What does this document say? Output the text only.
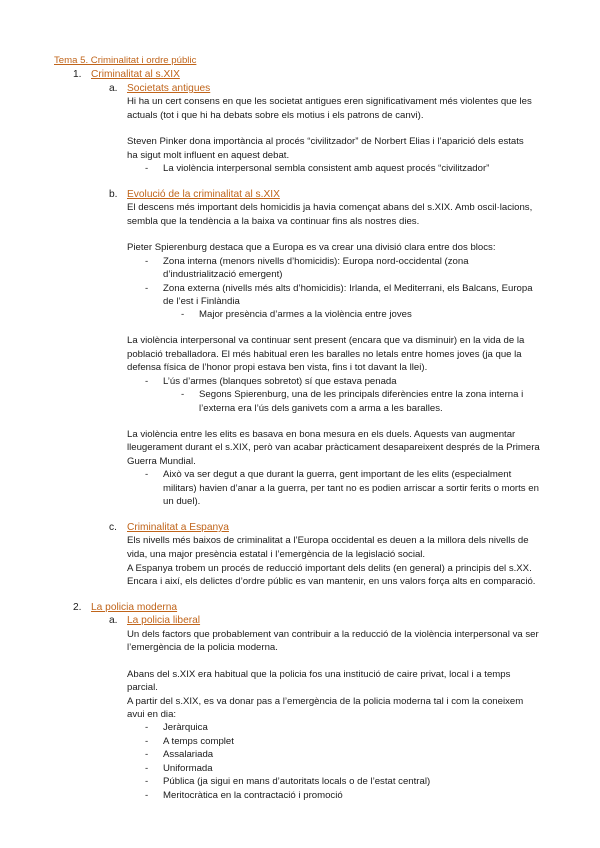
Tema 5. Criminalitat i ordre públic
1. Criminalitat al s.XIX
a. Societats antigues
Hi ha un cert consens en que les societat antigues eren significativament més violentes que les
actuals (tot i que hi ha debats sobre els motius i els patrons de canvi).
Steven Pinker dona importància al procés “civilitzador” de Norbert Elias i l’aparició dels estats
ha sigut molt influent en aquest debat.
- La violència interpersonal sembla consistent amb aquest procés “civilitzador”
b. Evolució de la criminalitat al s.XIX
El descens més important dels homicidis ja havia començat abans del s.XIX. Amb oscil·lacions,
sembla que la tendència a la baixa va continuar fins als nostres dies.
Pieter Spierenburg destaca que a Europa es va crear una divisió clara entre dos blocs:
- Zona interna (menors nivells d’homicidis): Europa nord-occidental (zona
d’industrialització emergent)
- Zona externa (nivells més alts d’homicidis): Irlanda, el Mediterrani, els Balcans, Europa
de l’est i Finlàndia
- Major presència d’armes a la violència entre joves
La violència interpersonal va continuar sent present (encara que va disminuir) en la vida de la
població treballadora. El més habitual eren les baralles no letals entre homes joves (ja que la
defensa física de l’honor propi estava ben vista, fins i tot davant la llei).
- L’ús d’armes (blanques sobretot) sí que estava penada
- Segons Spierenburg, una de les principals diferències entre la zona interna i
l’externa era l’ús dels ganivets com a arma a les baralles.
La violència entre les elits es basava en bona mesura en els duels. Aquests van augmentar
lleugerament durant el s.XIX, però van acabar pràcticament desapareixent després de la Primera
Guerra Mundial.
- Això va ser degut a que durant la guerra, gent important de les elits (especialment
militars) havien d’anar a la guerra, per tant no es podien arriscar a sortir ferits o morts en
un duel).
c. Criminalitat a Espanya
Els nivells més baixos de criminalitat a l’Europa occidental es deuen a la millora dels nivells de
vida, una major presència estatal i l’emergència de la legislació social.
A Espanya trobem un procés de reducció important dels delits (en general) a principis del s.XX.
Encara i així, els delictes d’ordre públic es van mantenir, en uns valors força alts en comparació.
2. La policia moderna
a. La policia liberal
Un dels factors que probablement van contribuir a la reducció de la violència interpersonal va ser
l’emergència de la policia moderna.
Abans del s.XIX era habitual que la policia fos una institució de caire privat, local i a temps
parcial.
A partir del s.XIX, es va donar pas a l’emergència de la policia moderna tal i com la coneixem
avui en dia:
- Jeràrquica
- A temps complet
- Assalariada
- Uniformada
- Pública (ja sigui en mans d’autoritats locals o de l’estat central)
- Meritocràtica en la contractació i promoció
